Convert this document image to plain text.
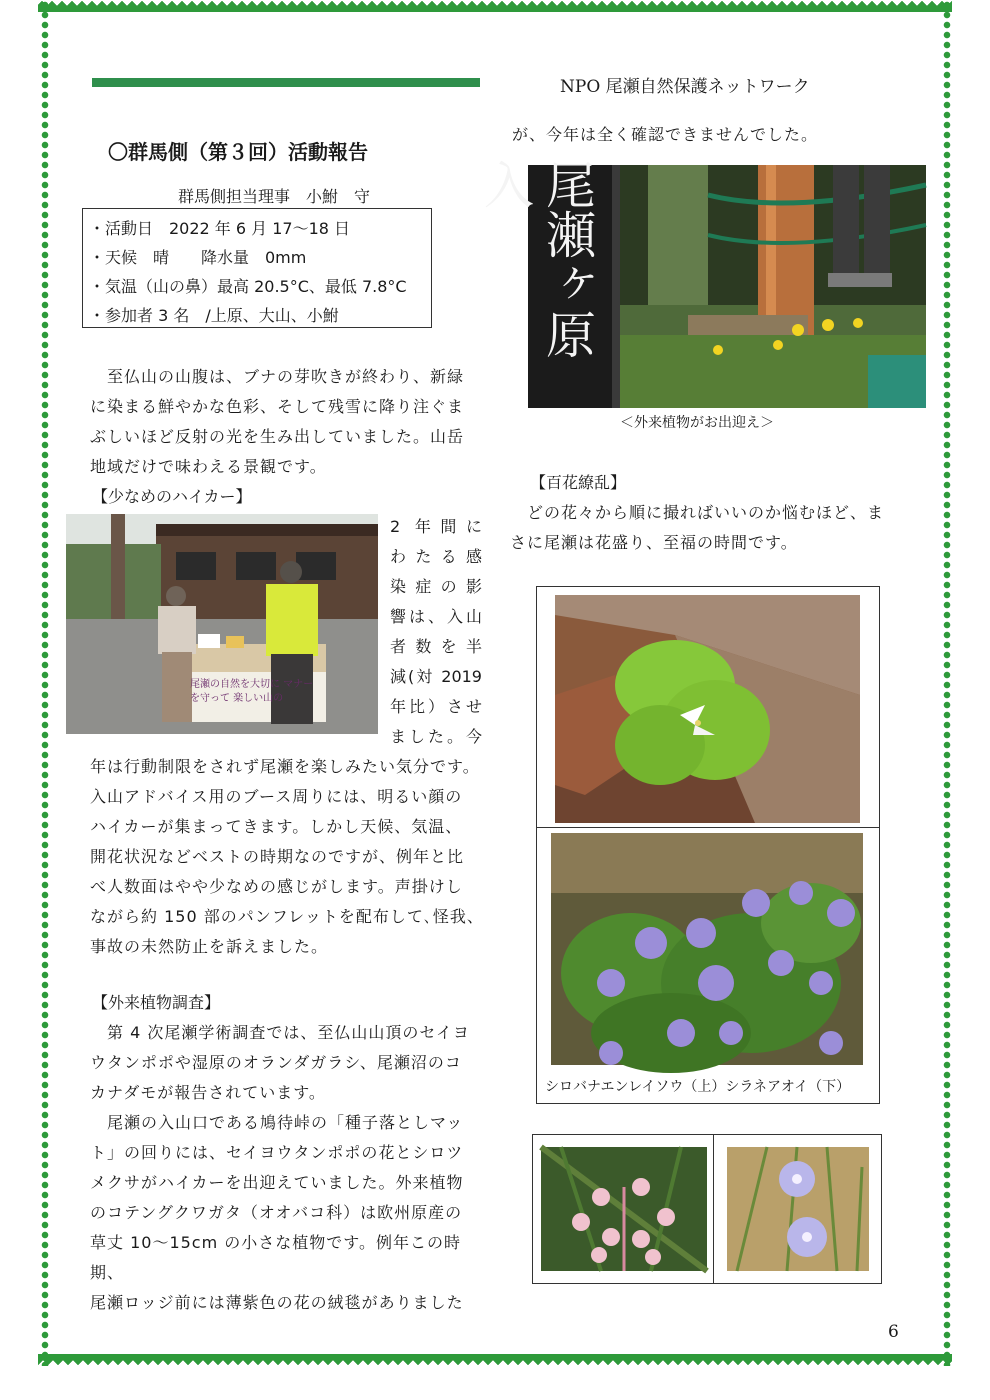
NPO 尾瀬自然保護ネットワーク
〇群馬側（第３回）活動報告
群馬側担当理事　小鮒　守
・活動日　2022 年 6 月 17〜18 日
・天候　晴　　降水量　0mm
・気温（山の鼻）最高 20.5°C、最低 7.8°C
・参加者 3 名　/上原、大山、小鮒
　至仏山の山腹は、ブナの芽吹きが終わり、新緑
に染まる鮮やかな色彩、そして残雪に降り注ぐま
ぶしいほど反射の光を生み出していました。山岳
地域だけで味わえる景観です。
【少なめのハイカー】
尾瀬の自然を大切に マナーを守って 楽しい山の
2 年間に
わたる感
染症の影
響は、入山
者数を半
減(対 2019
年比）させ
ました。今
年は行動制限をされず尾瀬を楽しみたい気分です。
入山アドバイス用のブース周りには、明るい顔の
ハイカーが集まってきます。しかし天候、気温、
開花状況などベストの時期なのですが、例年と比
べ人数面はやや少なめの感じがします。声掛けし
ながら約 150 部のパンフレットを配布して､怪我、
事故の未然防止を訴えました。
【外来植物調査】
　第 4 次尾瀬学術調査では、至仏山山頂のセイヨ
ウタンポポや湿原のオランダガラシ、尾瀬沼のコ
カナダモが報告されています。
　尾瀬の入山口である鳩待峠の「種子落としマッ
ト」の回りには、セイヨウタンポポの花とシロツ
メクサがハイカーを出迎えていました。外来植物
のコテングクワガタ（オオバコ科）は欧州原産の
草丈 10〜15cm の小さな植物です。例年この時期、
尾瀬ロッジ前には薄紫色の花の絨毯がありました
が、今年は全く確認できませんでした。
尾瀬ヶ原入
＜外来植物がお出迎え＞
【百花繚乱】
　どの花々から順に撮ればいいのか悩むほど、ま
さに尾瀬は花盛り、至福の時間です。
シロバナエンレイソウ（上）シラネアオイ（下）
6
